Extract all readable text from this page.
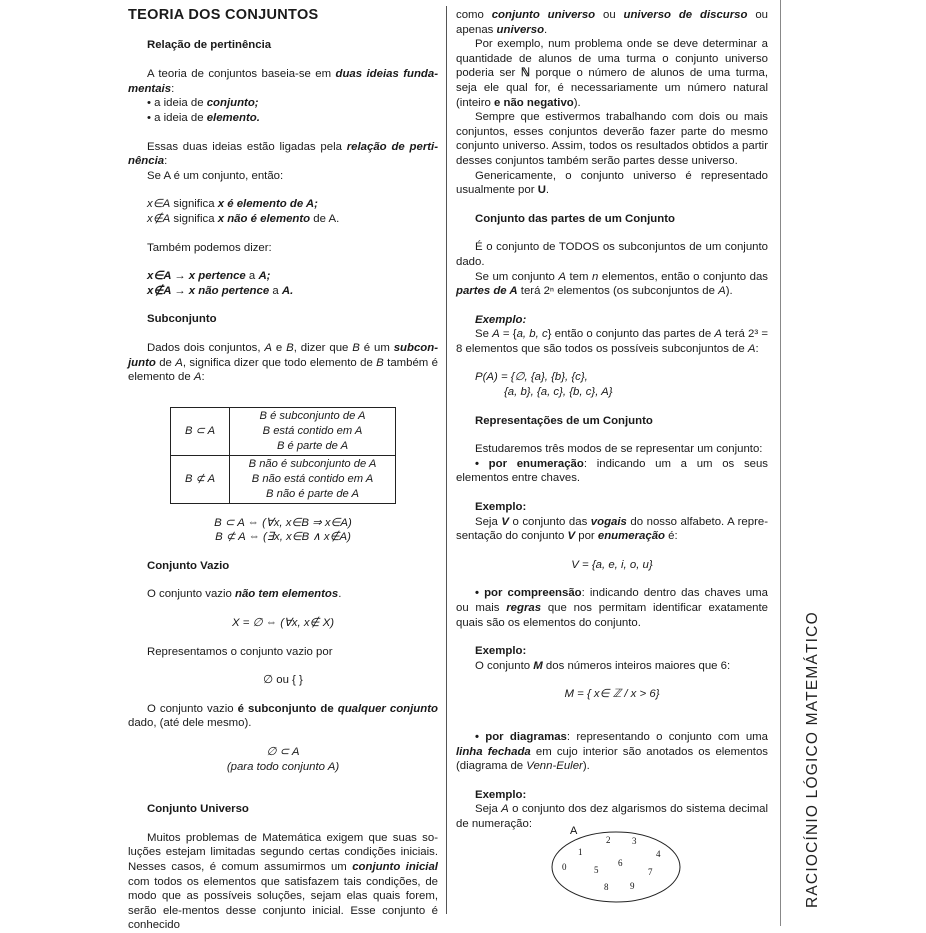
RACIOCÍNIO LÓGICO MATEMÁTICO

TEORIA DOS CONJUNTOS

Relação de pertinência

A teoria de conjuntos baseia-se em duas ideias funda-mentais:

• a ideia de conjunto;

• a ideia de elemento.

Essas duas ideias estão ligadas pela relação de perti-nência:

Se A é um conjunto, então:

x∈A significa x é elemento de A;

x∉A significa x não é elemento de A.

Também podemos dizer:

x∈A → x pertence a A;

x∉A → x não pertence a A.

Subconjunto

Dados dois conjuntos, A e B, dizer que B é um subcon-junto de A, significa dizer que todo elemento de B também é elemento de A:

B ⊂ A	B é subconjunto de A
B está contido em A
B é parte de A

B ⊄ A	B não é subconjunto de A
B não está contido em A
B não é parte de A

B ⊂ A ⇔ (∀x, x∈B ⇒ x∈A)

B ⊄ A ⇔ (∃x, x∈B ∧ x∉A)

Conjunto Vazio

O conjunto vazio não tem elementos.

X = ∅ ⇔ (∀x, x∉ X)

Representamos o conjunto vazio por

∅ ou { }

O conjunto vazio é subconjunto de qualquer conjunto dado, (até dele mesmo).

∅ ⊂ A

(para todo conjunto A)

Conjunto Universo

Muitos problemas de Matemática exigem que suas so-luções estejam limitadas segundo certas condições iniciais. Nesses casos, é comum assumirmos um conjunto inicial com todos os elementos que satisfazem tais condições, de modo que as possíveis soluções, sejam elas quais forem, serão ele-mentos desse conjunto inicial. Esse conjunto é conhecido

como conjunto universo ou universo de discurso ou apenas universo.

Por exemplo, num problema onde se deve determinar a quantidade de alunos de uma turma o conjunto universo poderia ser ℕ porque o número de alunos de uma turma, seja ele qual for, é necessariamente um número natural (inteiro e não negativo).

Sempre que estivermos trabalhando com dois ou mais conjuntos, esses conjuntos deverão fazer parte do mesmo conjunto universo. Assim, todos os resultados obtidos a partir desses conjuntos também serão partes desse universo.

Genericamente, o conjunto universo é representado usualmente por U.

Conjunto das partes de um Conjunto

É o conjunto de TODOS os subconjuntos de um conjunto dado.

Se um conjunto A tem n elementos, então o conjunto das partes de A terá 2ⁿ elementos (os subconjuntos de A).

Exemplo:

Se A = {a, b, c} então o conjunto das partes de A terá 2³ = 8 elementos que são todos os possíveis subconjuntos de A:

P(A) = {∅, {a}, {b}, {c},

{a, b}, {a, c}, {b, c}, A}

Representações de um Conjunto

Estudaremos três modos de se representar um conjunto:

• por enumeração: indicando um a um os seus elementos entre chaves.

Exemplo:

Seja V o conjunto das vogais do nosso alfabeto. A repre-sentação do conjunto V por enumeração é:

V = {a, e, i, o, u}

• por compreensão: indicando dentro das chaves uma ou mais regras que nos permitam identificar exatamente quais são os elementos do conjunto.

Exemplo:

O conjunto M dos números inteiros maiores que 6:

M = { x∈ ℤ / x > 6}

• por diagramas: representando o conjunto com uma linha fechada em cujo interior são anotados os elementos (diagrama de Venn-Euler).

Exemplo:

Seja A o conjunto dos dez algarismos do sistema decimal de numeração:

A
0
1
2 3
4
5
6
7
8 9
